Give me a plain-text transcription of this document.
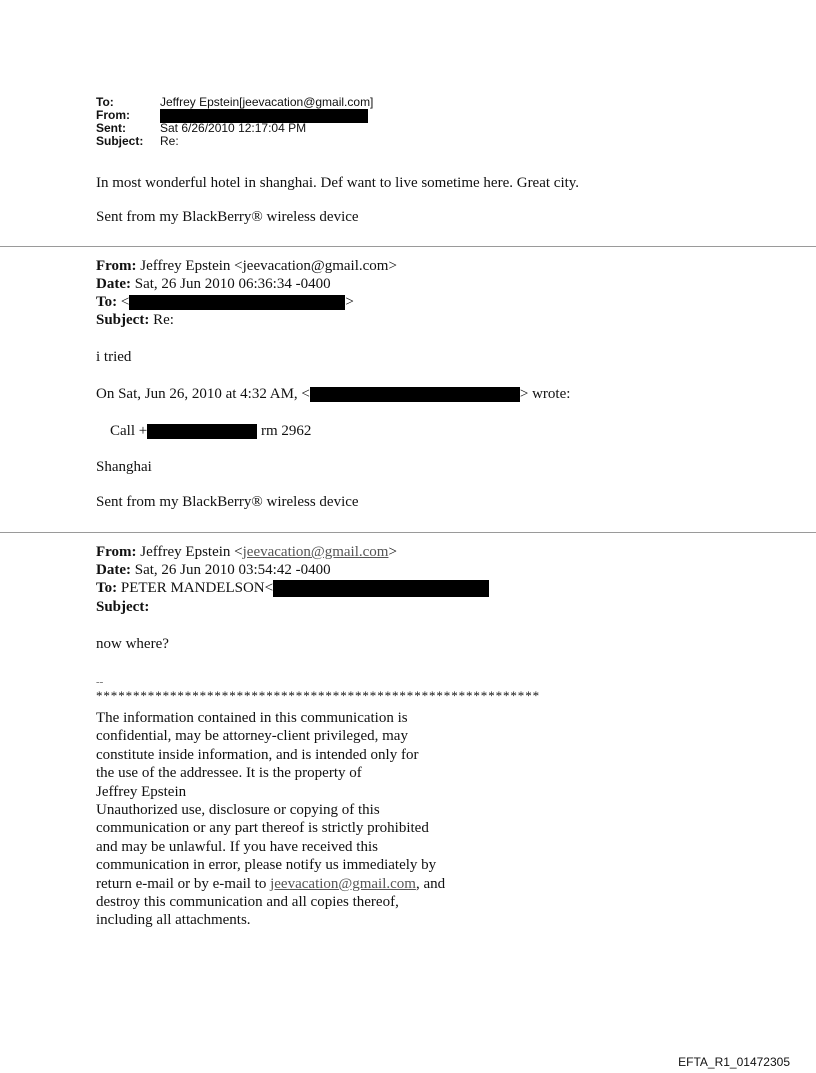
To:	Jeffrey Epstein[jeevacation@gmail.com]
From:
Sent:	Sat 6/26/2010 12:17:04 PM
Subject:	Re:

In most wonderful hotel in shanghai. Def want to live sometime here. Great city.

Sent from my BlackBerry® wireless device

From: Jeffrey Epstein <jeevacation@gmail.com>

Date: Sat, 26 Jun 2010 06:36:34 -0400

To: <	>

Subject: Re:

i tried

On Sat, Jun 26, 2010 at 4:32 AM, <	> wrote:

Call +	rm 2962

Shanghai

Sent from my BlackBerry® wireless device

From: Jeffrey Epstein <jeevacation@gmail.com>

Date: Sat, 26 Jun 2010 03:54:42 -0400

To: PETER MANDELSON<

Subject:

now where?

--
************************************************************

The information contained in this communication is
confidential, may be attorney-client privileged, may
constitute inside information, and is intended only for
the use of the addressee. It is the property of
Jeffrey Epstein
Unauthorized use, disclosure or copying of this
communication or any part thereof is strictly prohibited
and may be unlawful. If you have received this
communication in error, please notify us immediately by
return e-mail or by e-mail to jeevacation@gmail.com, and
destroy this communication and all copies thereof,
including all attachments.

EFTA_R1_01472305
